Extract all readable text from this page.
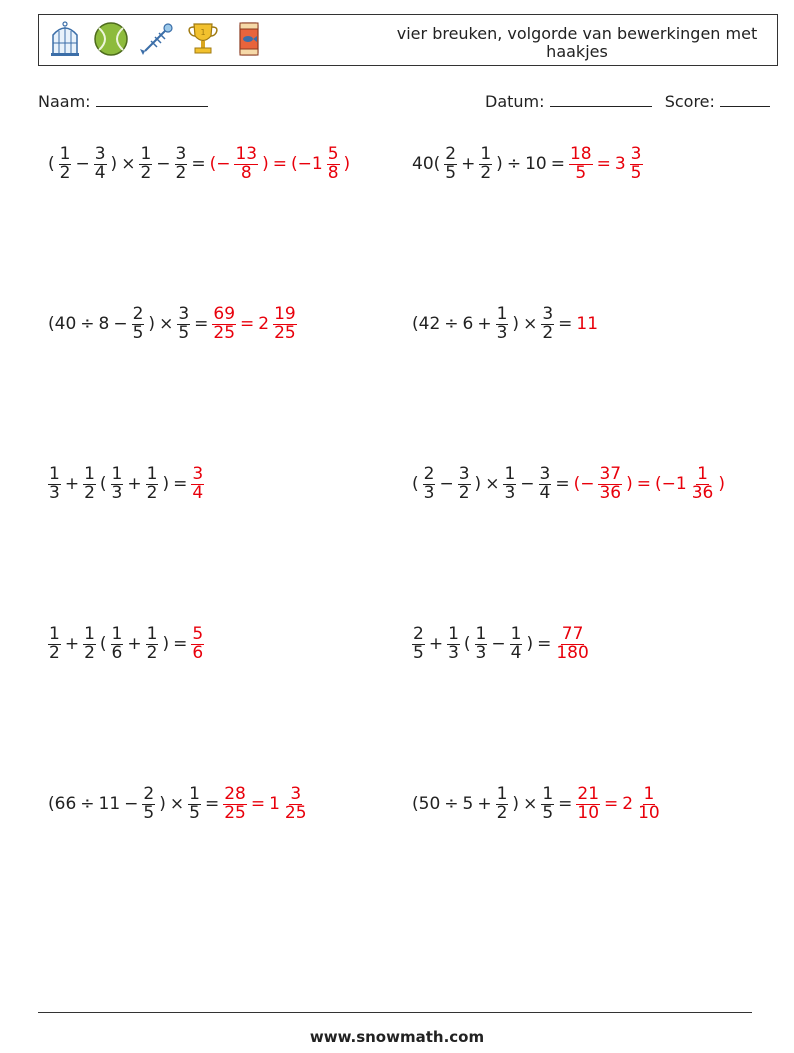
1	vier breuken, volgorde van bewerkingen met haakjes
Naam:	Datum:	Score:
( $\frac{1}{2} - \frac{3}{4}$ ) × $\frac{1}{2} - \frac{3}{2}$ = (− $\frac{13}{8}$ ) = ($-1 \frac{5}{8}$ )	$40( \frac{2}{5} + \frac{1}{2}$ ) ÷ $10 = \frac{18}{5} = 3 \frac{3}{5}$
($40 \div 8 - \frac{2}{5}$ ) × $\frac{3}{5} = \frac{69}{25} = 2 \frac{19}{25}$	($42 \div 6 + \frac{1}{3}$ ) × $\frac{3}{2} = 11$
$\frac{1}{3} + \frac{1}{2}$ ( $\frac{1}{3} + \frac{1}{2}$ ) = $\frac{3}{4}$	( $\frac{2}{3} - \frac{3}{2}$ ) × $\frac{1}{3} - \frac{3}{4}$ = (− $\frac{37}{36}$ ) = ($-1 \frac{1}{36}$ )
$\frac{1}{2} + \frac{1}{2}$ ( $\frac{1}{6} + \frac{1}{2}$ ) = $\frac{5}{6}$	$\frac{2}{5} + \frac{1}{3}$ ( $\frac{1}{3} - \frac{1}{4}$ ) = $\frac{77}{180}$
($66 \div 11 - \frac{2}{5}$ ) × $\frac{1}{5} = \frac{28}{25} = 1 \frac{3}{25}$	($50 \div 5 + \frac{1}{2}$ ) × $\frac{1}{5} = \frac{21}{10} = 2 \frac{1}{10}$
www.snowmath.com
